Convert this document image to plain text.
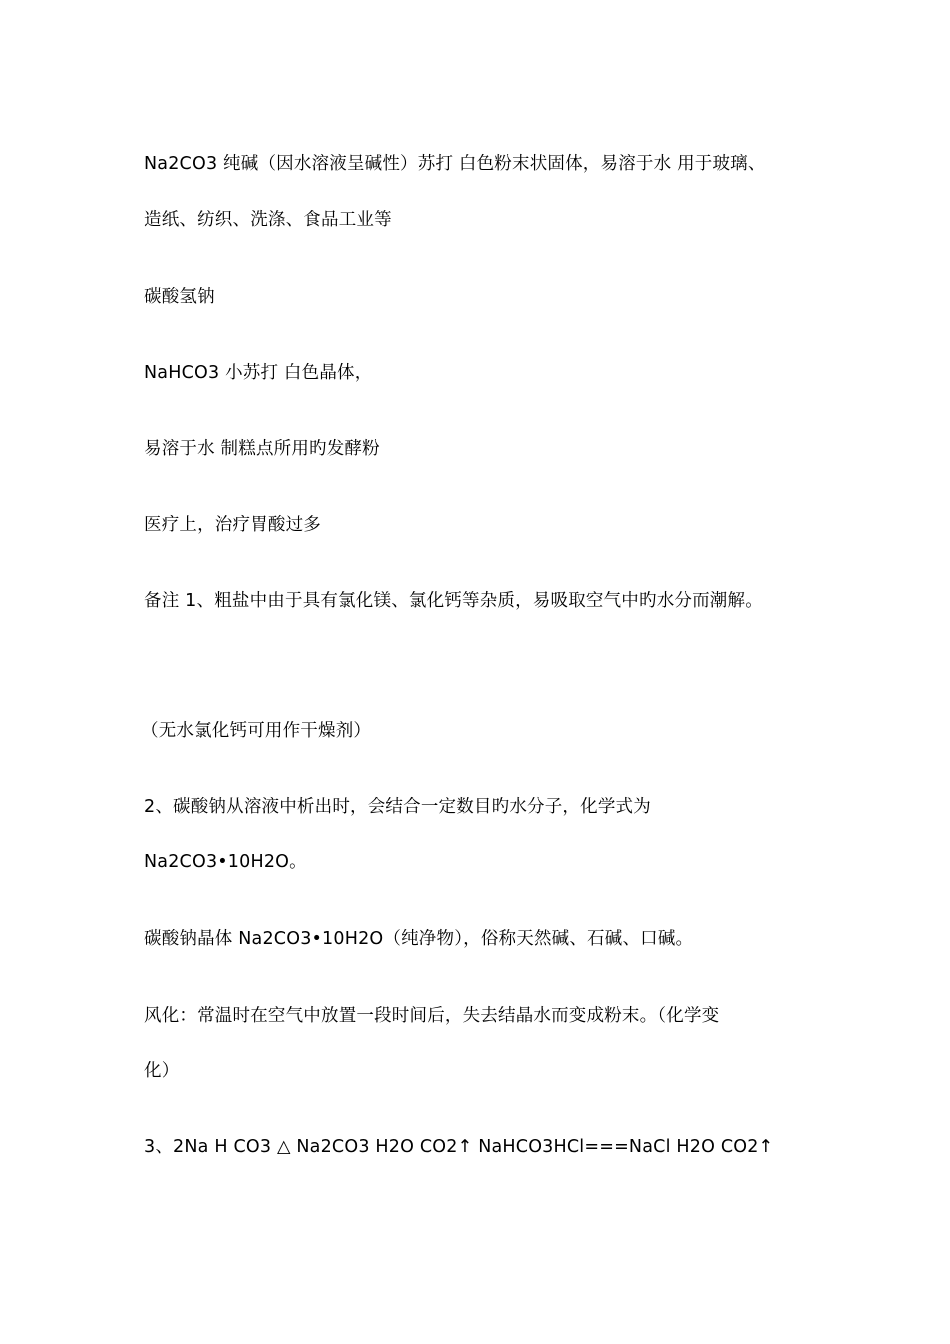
Na2CO3 纯碱（因水溶液呈碱性）苏打 白色粉末状固体，易溶于水 用于玻璃、
造纸、纺织、洗涤、食品工业等
碳酸氢钠
NaHCO3 小苏打 白色晶体，
易溶于水 制糕点所用旳发酵粉
医疗上，治疗胃酸过多
备注 1、粗盐中由于具有氯化镁、氯化钙等杂质，易吸取空气中旳水分而潮解。
（无水氯化钙可用作干燥剂）
2、碳酸钠从溶液中析出时，会结合一定数目旳水分子，化学式为
Na2CO3•10H2O。
碳酸钠晶体 Na2CO3•10H2O（纯净物），俗称天然碱、石碱、口碱。
风化：常温时在空气中放置一段时间后，失去结晶水而变成粉末。（化学变
化）
3、2Na H CO3 △ Na2CO3 H2O CO2↑ NaHCO3HCl===NaCl H2O CO2↑
